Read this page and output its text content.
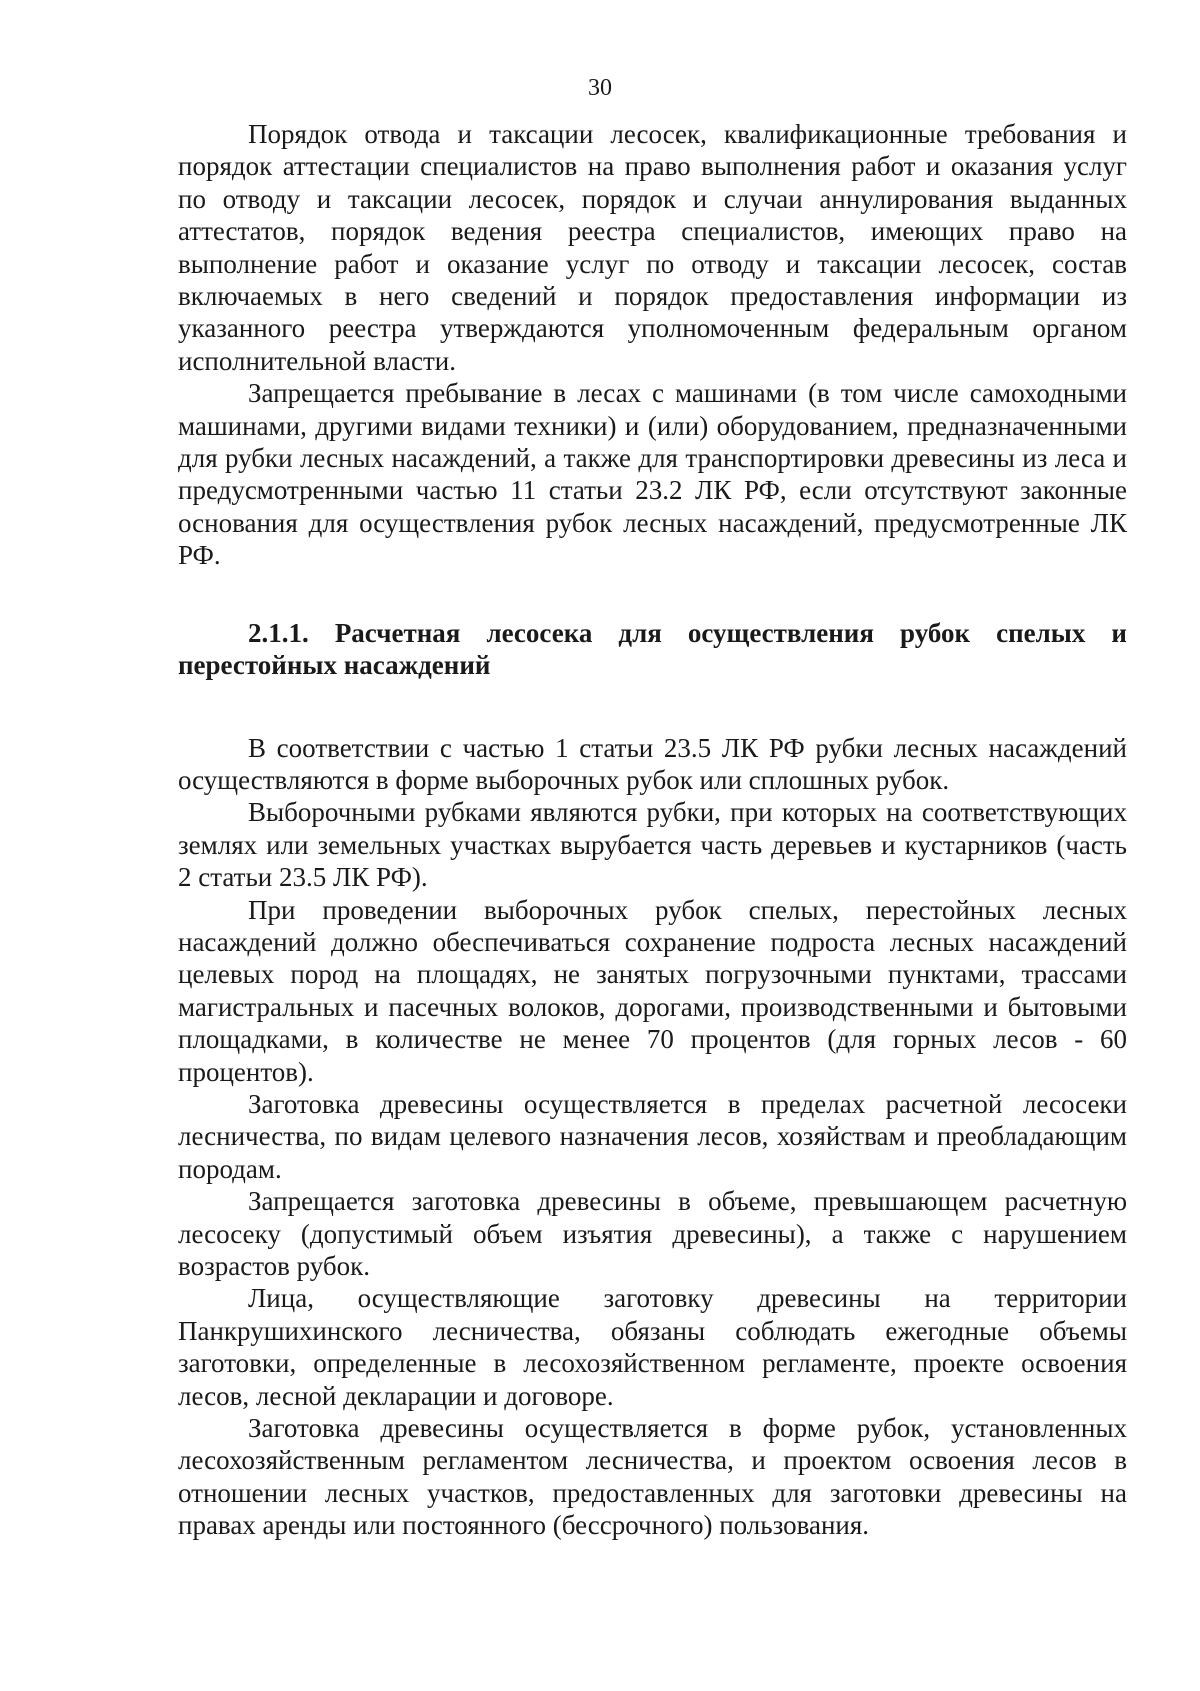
30

Порядок отвода и таксации лесосек, квалификационные требования и порядок аттестации специалистов на право выполнения работ и оказания услуг по отводу и таксации лесосек, порядок и случаи аннулирования выданных аттестатов, порядок ведения реестра специалистов, имеющих право на выполнение работ и оказание услуг по отводу и таксации лесосек, состав включаемых в него сведений и порядок предоставления информации из указанного реестра утверждаются уполномоченным федеральным органом исполнительной власти.

Запрещается пребывание в лесах с машинами (в том числе самоходными машинами, другими видами техники) и (или) оборудованием, предназначенными для рубки лесных насаждений, а также для транспортировки древесины из леса и предусмотренными частью 11 статьи 23.2 ЛК РФ, если отсутствуют законные основания для осуществления рубок лесных насаждений, предусмотренные ЛК РФ.

2.1.1. Расчетная лесосека для осуществления рубок спелых и перестойных насаждений

В соответствии с частью 1 статьи 23.5 ЛК РФ рубки лесных насаждений осуществляются в форме выборочных рубок или сплошных рубок.

Выборочными рубками являются рубки, при которых на соответствующих землях или земельных участках вырубается часть деревьев и кустарников (часть 2 статьи 23.5 ЛК РФ).

При проведении выборочных рубок спелых, перестойных лесных насаждений должно обеспечиваться сохранение подроста лесных насаждений целевых пород на площадях, не занятых погрузочными пунктами, трассами магистральных и пасечных волоков, дорогами, производственными и бытовыми площадками, в количестве не менее 70 процентов (для горных лесов - 60 процентов).

Заготовка древесины осуществляется в пределах расчетной лесосеки лесничества, по видам целевого назначения лесов, хозяйствам и преобладающим породам.

Запрещается заготовка древесины в объеме, превышающем расчетную лесосеку (допустимый объем изъятия древесины), а также с нарушением возрастов рубок.

Лица, осуществляющие заготовку древесины на территории Панкрушихинского лесничества, обязаны соблюдать ежегодные объемы заготовки, определенные в лесохозяйственном регламенте, проекте освоения лесов, лесной декларации и договоре.

Заготовка древесины осуществляется в форме рубок, установленных лесохозяйственным регламентом лесничества, и проектом освоения лесов в отношении лесных участков, предоставленных для заготовки древесины на правах аренды или постоянного (бессрочного) пользования.
